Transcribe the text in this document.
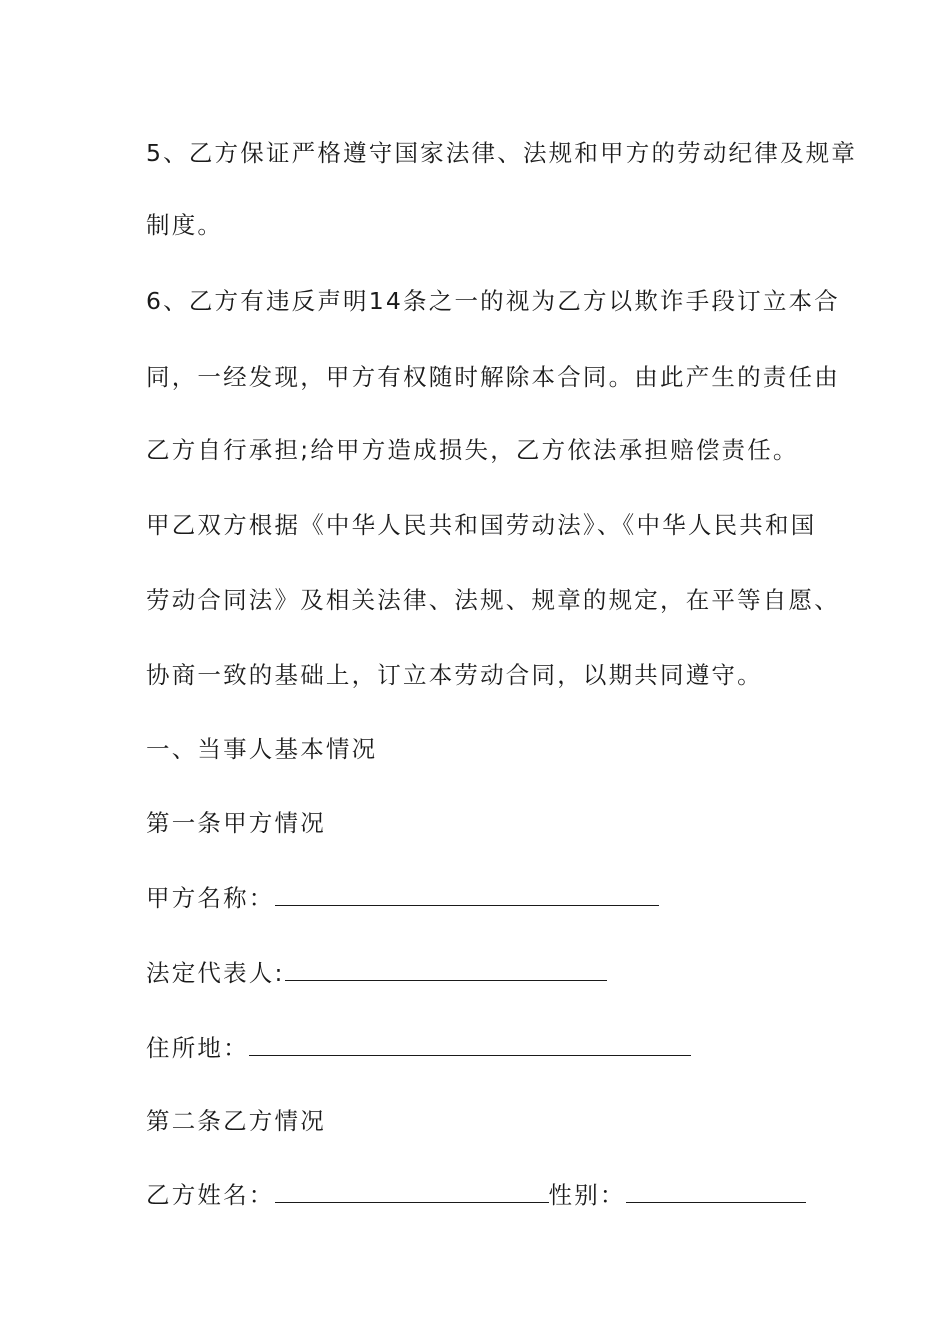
5、乙方保证严格遵守国家法律、法规和甲方的劳动纪律及规章
制度。
6、乙方有违反声明14条之一的视为乙方以欺诈手段订立本合
同，一经发现，甲方有权随时解除本合同。由此产生的责任由
乙方自行承担;给甲方造成损失，乙方依法承担赔偿责任。
甲乙双方根据《中华人民共和国劳动法》、《中华人民共和国
劳动合同法》及相关法律、法规、规章的规定，在平等自愿、
协商一致的基础上，订立本劳动合同，以期共同遵守。
一、当事人基本情况
第一条甲方情况
甲方名称：
法定代表人:
住所地：
第二条乙方情况
乙方姓名：	性别：
